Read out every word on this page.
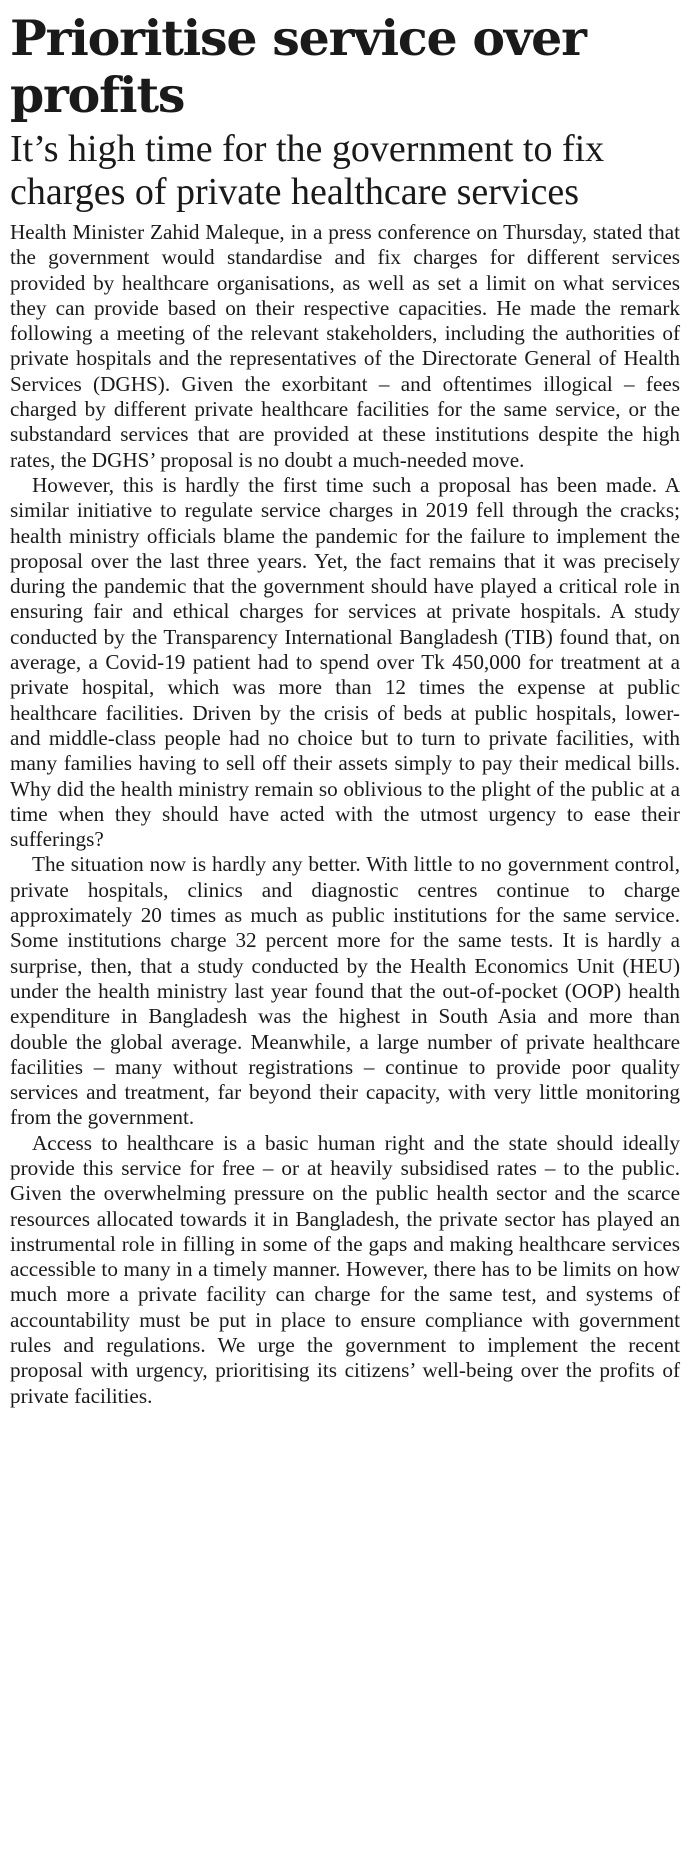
Prioritise service over profits
It’s high time for the government to fix charges of private healthcare services

Health Minister Zahid Maleque, in a press conference on Thursday, stated that the government would standardise and fix charges for different services provided by healthcare organisations, as well as set a limit on what services they can provide based on their respective capacities. He made the remark following a meeting of the relevant stakeholders, including the authorities of private hospitals and the representatives of the Directorate General of Health Services (DGHS). Given the exorbitant – and oftentimes illogical – fees charged by different private healthcare facilities for the same service, or the substandard services that are provided at these institutions despite the high rates, the DGHS’ proposal is no doubt a much-needed move.

However, this is hardly the first time such a proposal has been made. A similar initiative to regulate service charges in 2019 fell through the cracks; health ministry officials blame the pandemic for the failure to implement the proposal over the last three years. Yet, the fact remains that it was precisely during the pandemic that the government should have played a critical role in ensuring fair and ethical charges for services at private hospitals. A study conducted by the Transparency International Bangladesh (TIB) found that, on average, a Covid-19 patient had to spend over Tk 450,000 for treatment at a private hospital, which was more than 12 times the expense at public healthcare facilities. Driven by the crisis of beds at public hospitals, lower- and middle-class people had no choice but to turn to private facilities, with many families having to sell off their assets simply to pay their medical bills. Why did the health ministry remain so oblivious to the plight of the public at a time when they should have acted with the utmost urgency to ease their sufferings?

The situation now is hardly any better. With little to no government control, private hospitals, clinics and diagnostic centres continue to charge approximately 20 times as much as public institutions for the same service. Some institutions charge 32 percent more for the same tests. It is hardly a surprise, then, that a study conducted by the Health Economics Unit (HEU) under the health ministry last year found that the out-of-pocket (OOP) health expenditure in Bangladesh was the highest in South Asia and more than double the global average. Meanwhile, a large number of private healthcare facilities – many without registrations – continue to provide poor quality services and treatment, far beyond their capacity, with very little monitoring from the government.

Access to healthcare is a basic human right and the state should ideally provide this service for free – or at heavily subsidised rates – to the public. Given the overwhelming pressure on the public health sector and the scarce resources allocated towards it in Bangladesh, the private sector has played an instrumental role in filling in some of the gaps and making healthcare services accessible to many in a timely manner. However, there has to be limits on how much more a private facility can charge for the same test, and systems of accountability must be put in place to ensure compliance with government rules and regulations. We urge the government to implement the recent proposal with urgency, prioritising its citizens’ well-being over the profits of private facilities.
